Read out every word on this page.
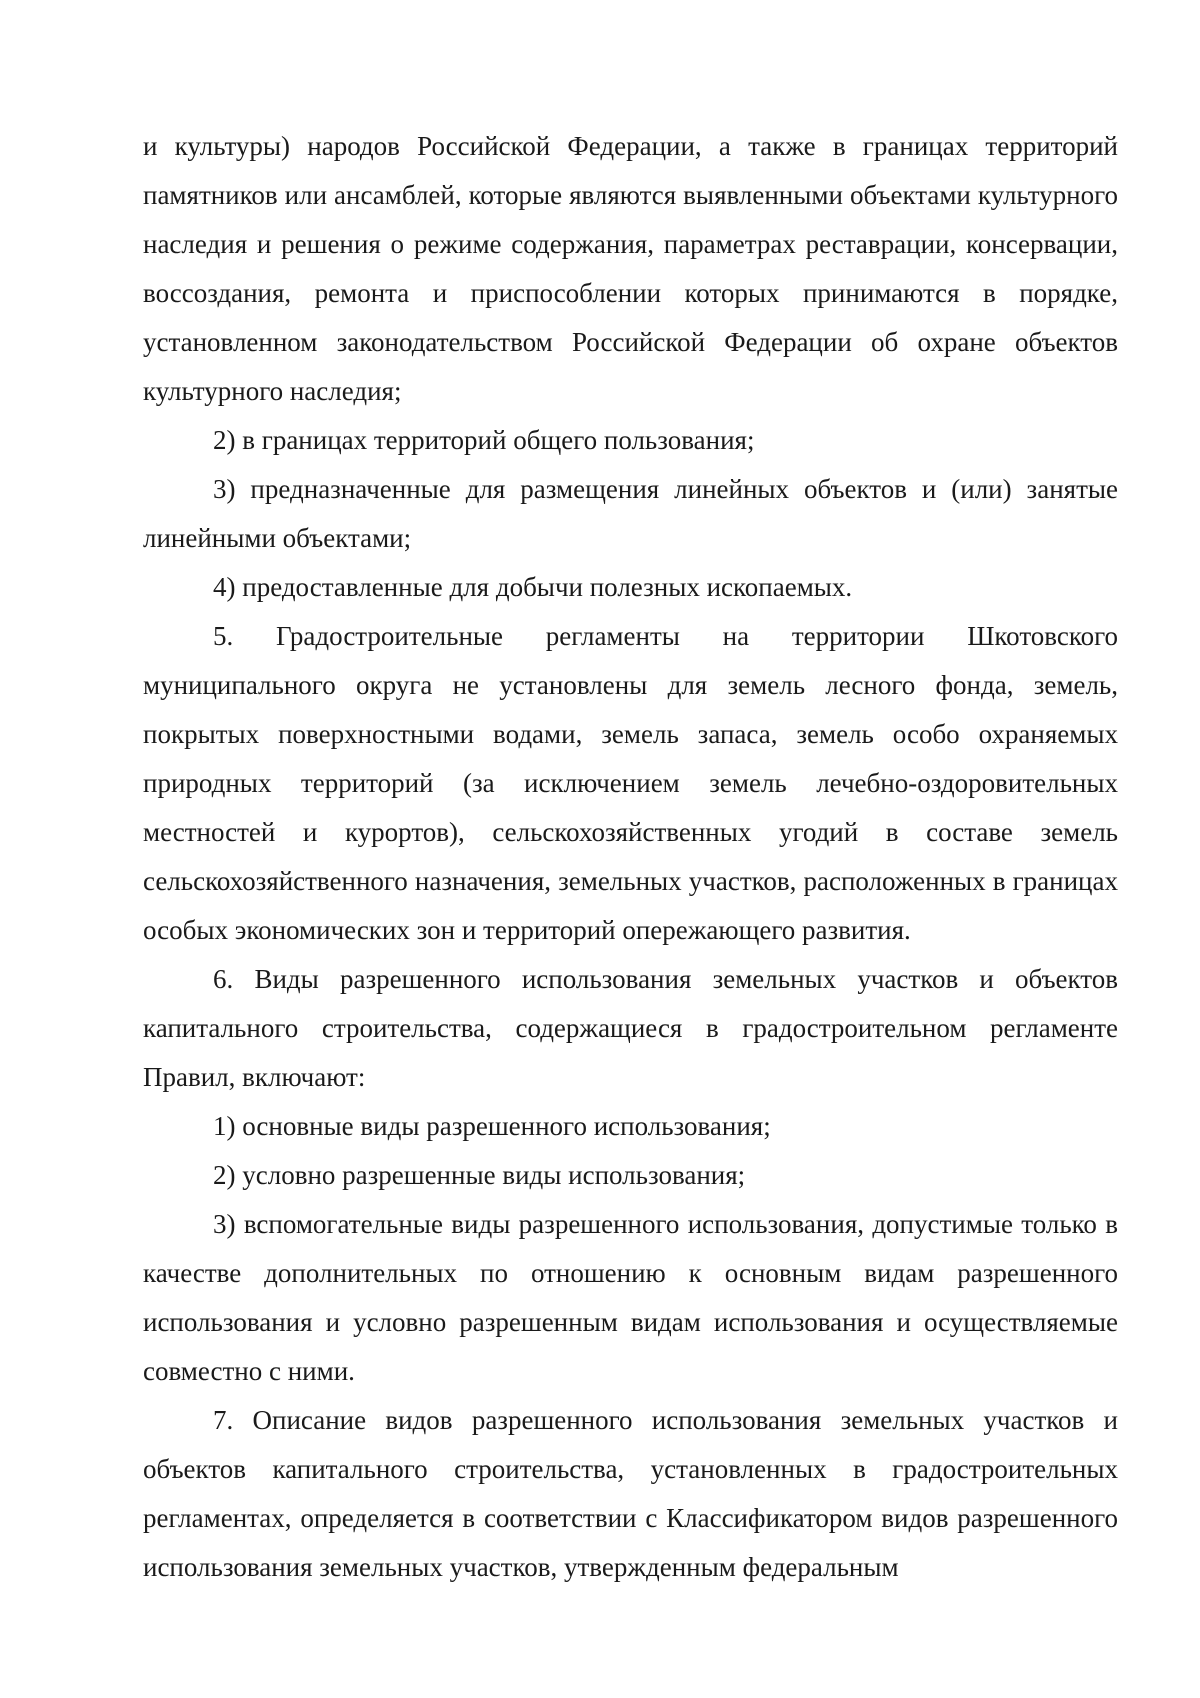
и культуры) народов Российской Федерации, а также в границах территорий памятников или ансамблей, которые являются выявленными объектами культурного наследия и решения о режиме содержания, параметрах реставрации, консервации, воссоздания, ремонта и приспособлении которых принимаются в порядке, установленном законодательством Российской Федерации об охране объектов культурного наследия;

2) в границах территорий общего пользования;

3) предназначенные для размещения линейных объектов и (или) занятые линейными объектами;

4) предоставленные для добычи полезных ископаемых.

5. Градостроительные регламенты на территории Шкотовского муниципального округа не установлены для земель лесного фонда, земель, покрытых поверхностными водами, земель запаса, земель особо охраняемых природных территорий (за исключением земель лечебно-оздоровительных местностей и курортов), сельскохозяйственных угодий в составе земель сельскохозяйственного назначения, земельных участков, расположенных в границах особых экономических зон и территорий опережающего развития.

6. Виды разрешенного использования земельных участков и объектов капитального строительства, содержащиеся в градостроительном регламенте Правил, включают:

1) основные виды разрешенного использования;

2) условно разрешенные виды использования;

3) вспомогательные виды разрешенного использования, допустимые только в качестве дополнительных по отношению к основным видам разрешенного использования и условно разрешенным видам использования и осуществляемые совместно с ними.

7. Описание видов разрешенного использования земельных участков и объектов капитального строительства, установленных в градостроительных регламентах, определяется в соответствии с Классификатором видов разрешенного использования земельных участков, утвержденным федеральным
